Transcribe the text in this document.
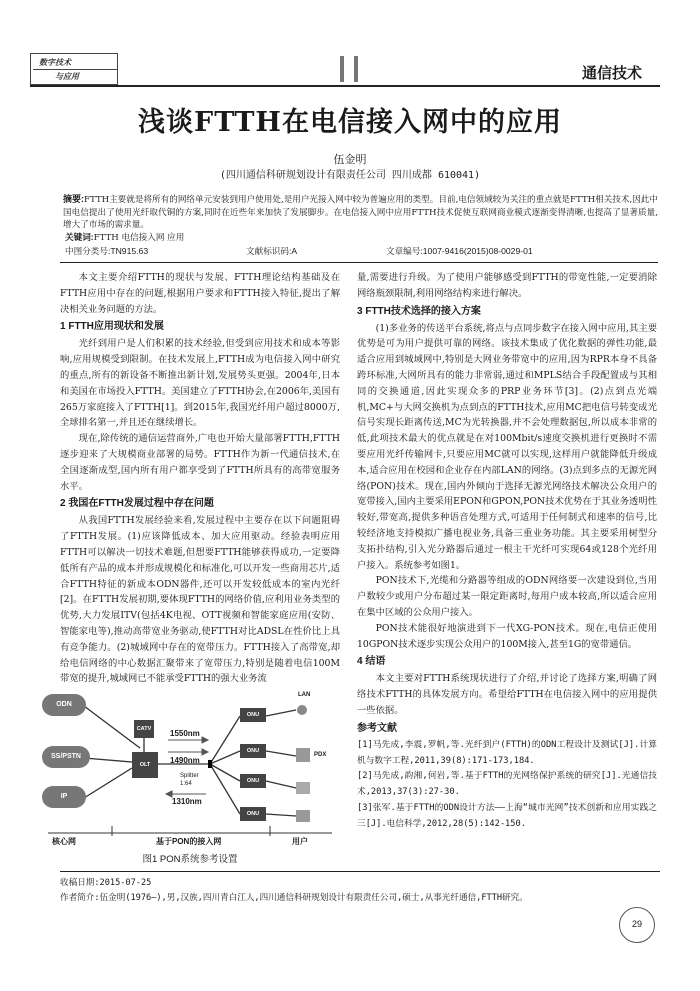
数字技术
与应用	通信技术
浅谈FTTH在电信接入网中的应用
伍金明
(四川通信科研规划设计有限责任公司 四川成都 610041)
摘要:FTTH主要就是将所有的网络单元安装到用户使用处,是用户光接入网中较为普遍应用的类型。目前,电信领域较为关注的重点就是FTTH相关技术,因此中国电信提出了使用光纤取代铜的方案,同时在近些年来加快了发展脚步。在电信接入网中应用FTTH技术促使互联网商业模式逐渐变得清晰,也提高了显著质量,增大了市场的需求量。
关键词:FTTH 电信接入网 应用
中图分类号:TN915.63	文献标识码:A	文章编号:1007-9416(2015)08-0029-01

本文主要介绍FTTH的现状与发展、FTTH理论结构基础及在FTTH应用中存在的问题,根据用户要求和FTTH接入特征,提出了解决相关业务问题的方法。

1 FTTH应用现状和发展

光纤到用户是人们积累的技术经验,但受到应用技术和成本等影响,应用规模受到限制。在技术发展上,FTTH成为电信接入网中研究的重点,所有的新设备不断推出新计划,发展势头更强。2004年,日本和美国在市场投入FTTH。美国建立了FTTH协会,在2006年,美国有265万家庭接入了FTTH[1]。到2015年,我国光纤用户超过8000万,全球排名第一,并且还在继续增长。

现在,除传统的通信运营商外,广电也开始大量部署FTTH,FTTH逐步迎来了大规模商业部署的局势。FTTH作为新一代通信技术,在全国逐渐成型,国内所有用户都享受到了FTTH所具有的高带宽服务水平。

2 我国在FTTH发展过程中存在问题

从我国FTTH发展经验来看,发展过程中主要存在以下问题阻碍了FTTH发展。(1)应该降低成本、加大应用驱动。经验表明应用FTTH可以解决一切技术难题,但想要FTTH能够获得成功,一定要降低所有产品的成本并形成规模化和标准化,可以开发一些商用芯片,适合FTTH特征的新成本ODN器件,还可以开发较低成本的室内光纤[2]。在FTTH发展初期,要体现FTTH的网络价值,应利用业务类型的优势,大力发展ITV(包括4K电视、OTT视频和智能家庭应用(安防、智能家电等),推动高带宽业务驱动,使FTTH对比ADSL在性价比上具有竞争能力。(2)城域网中存在的宽带压力。FTTH接入了高带宽,却给电信网络的中心数据汇聚带来了宽带压力,特别是随着电信100M带宽的提升,城域网已不能承受FTTH的强大业务流

ODN
SS/PSTN
IP
CATV
OLT
ONU
ONU
ONU
ONU
1550nm
1490nm
1310nm
Splitter 1:64
LAN
PDX
核心网	基于PON的接入网	用户
图1 PON系统参考设置

量,需要进行升级。为了使用户能够感受到FTTH的带宽性能,一定要消除网络瓶颈限制,利用网络结构来进行解决。

3 FTTH技术选择的接入方案

(1)多业务的传送平台系统,将点与点同步数字在接入网中应用,其主要优势是可为用户提供可靠的网络。该技术集成了优化数据的弹性功能,最适合应用到城域网中,特别是大网业务带宽中的应用,因为RPR本身不具备跨环标准,大网所具有的能力非常弱,通过和MPLS结合手段配置成与其相同的交换通道,因此实现众多的PRP业务环节[3]。(2)点到点光端机,MC+与大网交换机为点到点的FTTH技术,应用MC把电信号转变成光信号实现长距离传送,MC为光转换器,并不会处理数据包,所以成本非常的低,此项技术最大的优点就是在对100Mbit/s速度交换机进行更换时不需要应用光纤传输网卡,只要应用MC就可以实现,这样用户就能降低升级成本,适合应用在校园和企业存在内部LAN的网络。(3)点到多点的无源光网络(PON)技术。现在,国内外倾向于选择无源光网络技术解决公众用户的宽带接入,国内主要采用EPON和GPON,PON技术优势在于其业务透明性较好,带宽高,提供多种语音处理方式,可适用于任何制式和速率的信号,比较经济地支持模拟广播电视业务,具备三重业务功能。其主要采用树型分支拓扑结构,引入光分路器后通过一根主干光纤可实现64或128个光纤用户接入。系统参考如图1。

PON技术下,光缆和分路器等组成的ODN网络要一次建设到位,当用户数较少或用户分布超过某一限定距离时,每用户成本较高,所以适合应用在集中区域的公众用户接入。

PON技术能很好地演进到下一代XG-PON技术。现在,电信正使用10GPON技术逐步实现公众用户的100M接入,甚至1G的宽带通信。

4 结语

本文主要对FTTH系统现状进行了介绍,并讨论了选择方案,明确了网络技术FTTH的具体发展方向。希望给FTTH在电信接入网中的应用提供一些依据。

参考文献
[1]马先成,李震,罗帆,等.光纤到户(FTTH)的ODN工程设计及测试[J].计算机与数字工程,2011,39(8):171-173,184.
[2]马先成,韵湘,何岩,等.基于FTTH的光网络保护系统的研究[J].光通信技术,2013,37(3):27-30.
[3]张军.基于FTTH的ODN设计方法——上海“城市光网”技术创新和应用实践之三[J].电信科学,2012,28(5):142-150.
收稿日期:2015-07-25
作者简介:伍金明(1976—),男,汉族,四川青白江人,四川通信科研规划设计有限责任公司,硕士,从事光纤通信,FTTH研究。
29
